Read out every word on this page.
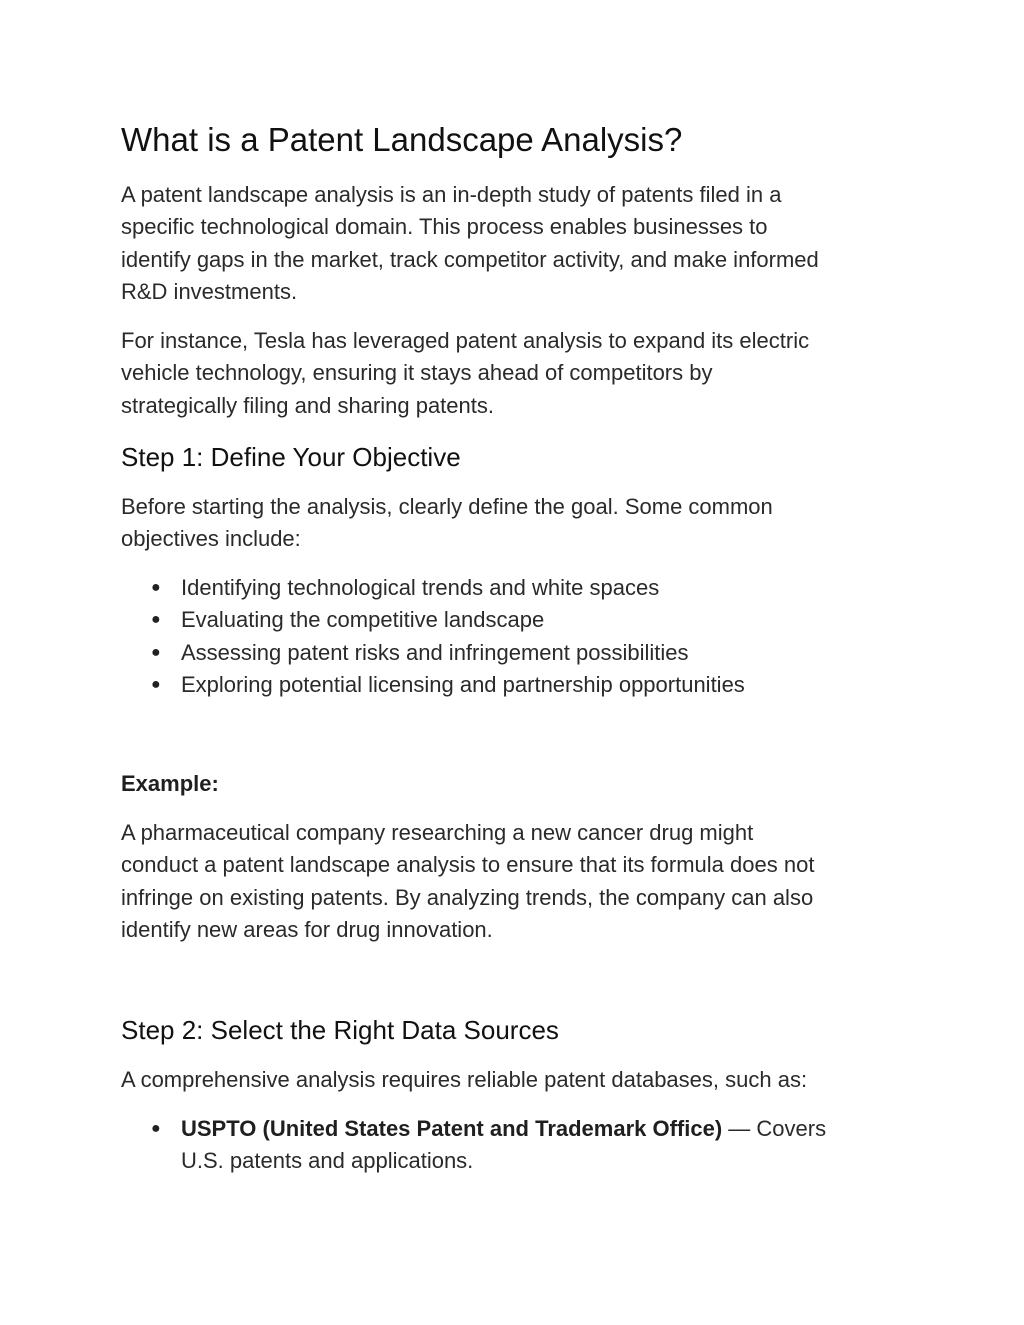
What is a Patent Landscape Analysis?

A patent landscape analysis is an in-depth study of patents filed in a
specific technological domain. This process enables businesses to
identify gaps in the market, track competitor activity, and make informed
R&D investments.

For instance, Tesla has leveraged patent analysis to expand its electric
vehicle technology, ensuring it stays ahead of competitors by
strategically filing and sharing patents.

Step 1: Define Your Objective

Before starting the analysis, clearly define the goal. Some common
objectives include:

● Identifying technological trends and white spaces
● Evaluating the competitive landscape
● Assessing patent risks and infringement possibilities
● Exploring potential licensing and partnership opportunities

Example:

A pharmaceutical company researching a new cancer drug might
conduct a patent landscape analysis to ensure that its formula does not
infringe on existing patents. By analyzing trends, the company can also
identify new areas for drug innovation.

Step 2: Select the Right Data Sources

A comprehensive analysis requires reliable patent databases, such as:

● USPTO (United States Patent and Trademark Office) — Covers
U.S. patents and applications.
